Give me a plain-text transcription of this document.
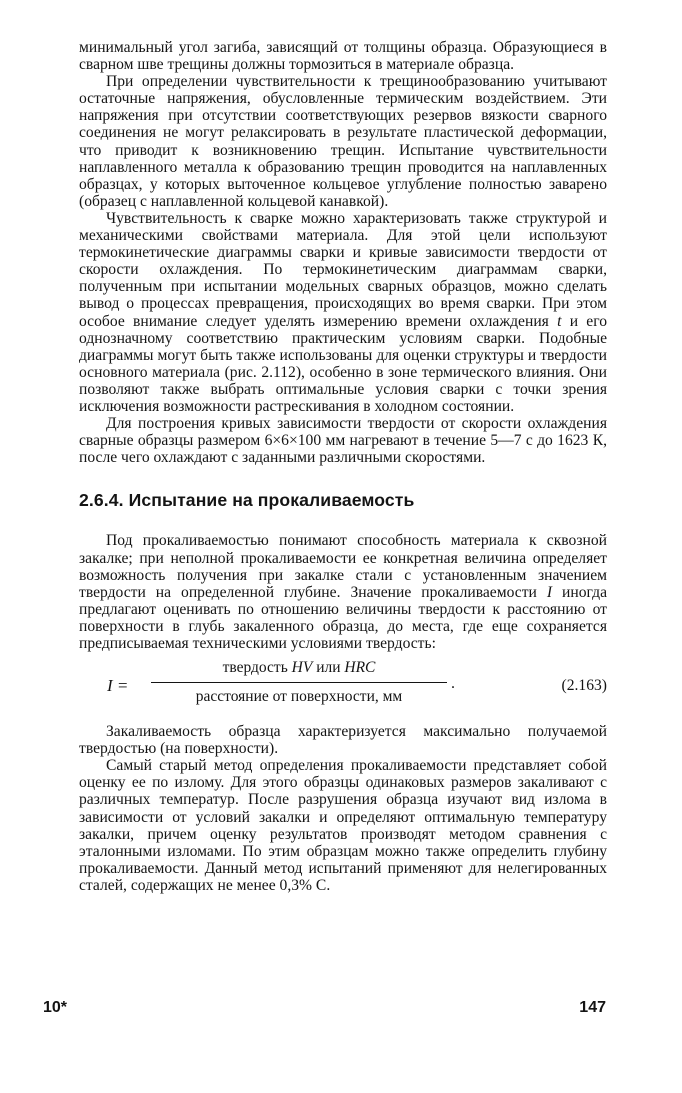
минимальный угол загиба, зависящий от толщины образца. Образующиеся в сварном шве трещины должны тормозиться в материале образца.

При определении чувствительности к трещинообразованию учитывают остаточные напряжения, обусловленные термическим воздействием. Эти напряжения при отсутствии соответствующих резервов вязкости сварного соединения не могут релаксировать в результате пластической деформации, что приводит к возникновению трещин. Испытание чувствительности наплавленного металла к образованию трещин проводится на наплавленных образцах, у которых выточенное кольцевое углубление полностью заварено (образец с наплавленной кольцевой канавкой).

Чувствительность к сварке можно характеризовать также структурой и механическими свойствами материала. Для этой цели используют термокинетические диаграммы сварки и кривые зависимости твердости от скорости охлаждения. По термокинетическим диаграммам сварки, полученным при испытании модельных сварных образцов, можно сделать вывод о процессах превращения, происходящих во время сварки. При этом особое внимание следует уделять измерению времени охлаждения t и его однозначному соответствию практическим условиям сварки. Подобные диаграммы могут быть также использованы для оценки структуры и твердости основного материала (рис. 2.112), особенно в зоне термического влияния. Они позволяют также выбрать оптимальные условия сварки с точки зрения исключения возможности растрескивания в холодном состоянии.

Для построения кривых зависимости твердости от скорости охлаждения сварные образцы размером 6×6×100 мм нагревают в течение 5—7 с до 1623 К, после чего охлаждают с заданными различными скоростями.

2.6.4. Испытание на прокаливаемость

Под прокаливаемостью понимают способность материала к сквозной закалке; при неполной прокаливаемости ее конкретная величина определяет возможность получения при закалке стали с установленным значением твердости на определенной глубине. Значение прокаливаемости I иногда предлагают оценивать по отношению величины твердости к расстоянию от поверхности в глубь закаленного образца, до места, где еще сохраняется предписываемая техническими условиями твердость:

I =
твердость HV или HRC
расстояние от поверхности, мм
.	(2.163)

Закаливаемость образца характеризуется максимально получаемой твердостью (на поверхности).

Самый старый метод определения прокаливаемости представляет собой оценку ее по излому. Для этого образцы одинаковых размеров закаливают с различных температур. После разрушения образца изучают вид излома в зависимости от условий закалки и определяют оптимальную температуру закалки, причем оценку результатов производят методом сравнения с эталонными изломами. По этим образцам можно также определить глубину прокаливаемости. Данный метод испытаний применяют для нелегированных сталей, содержащих не менее 0,3% С.

10*	147
